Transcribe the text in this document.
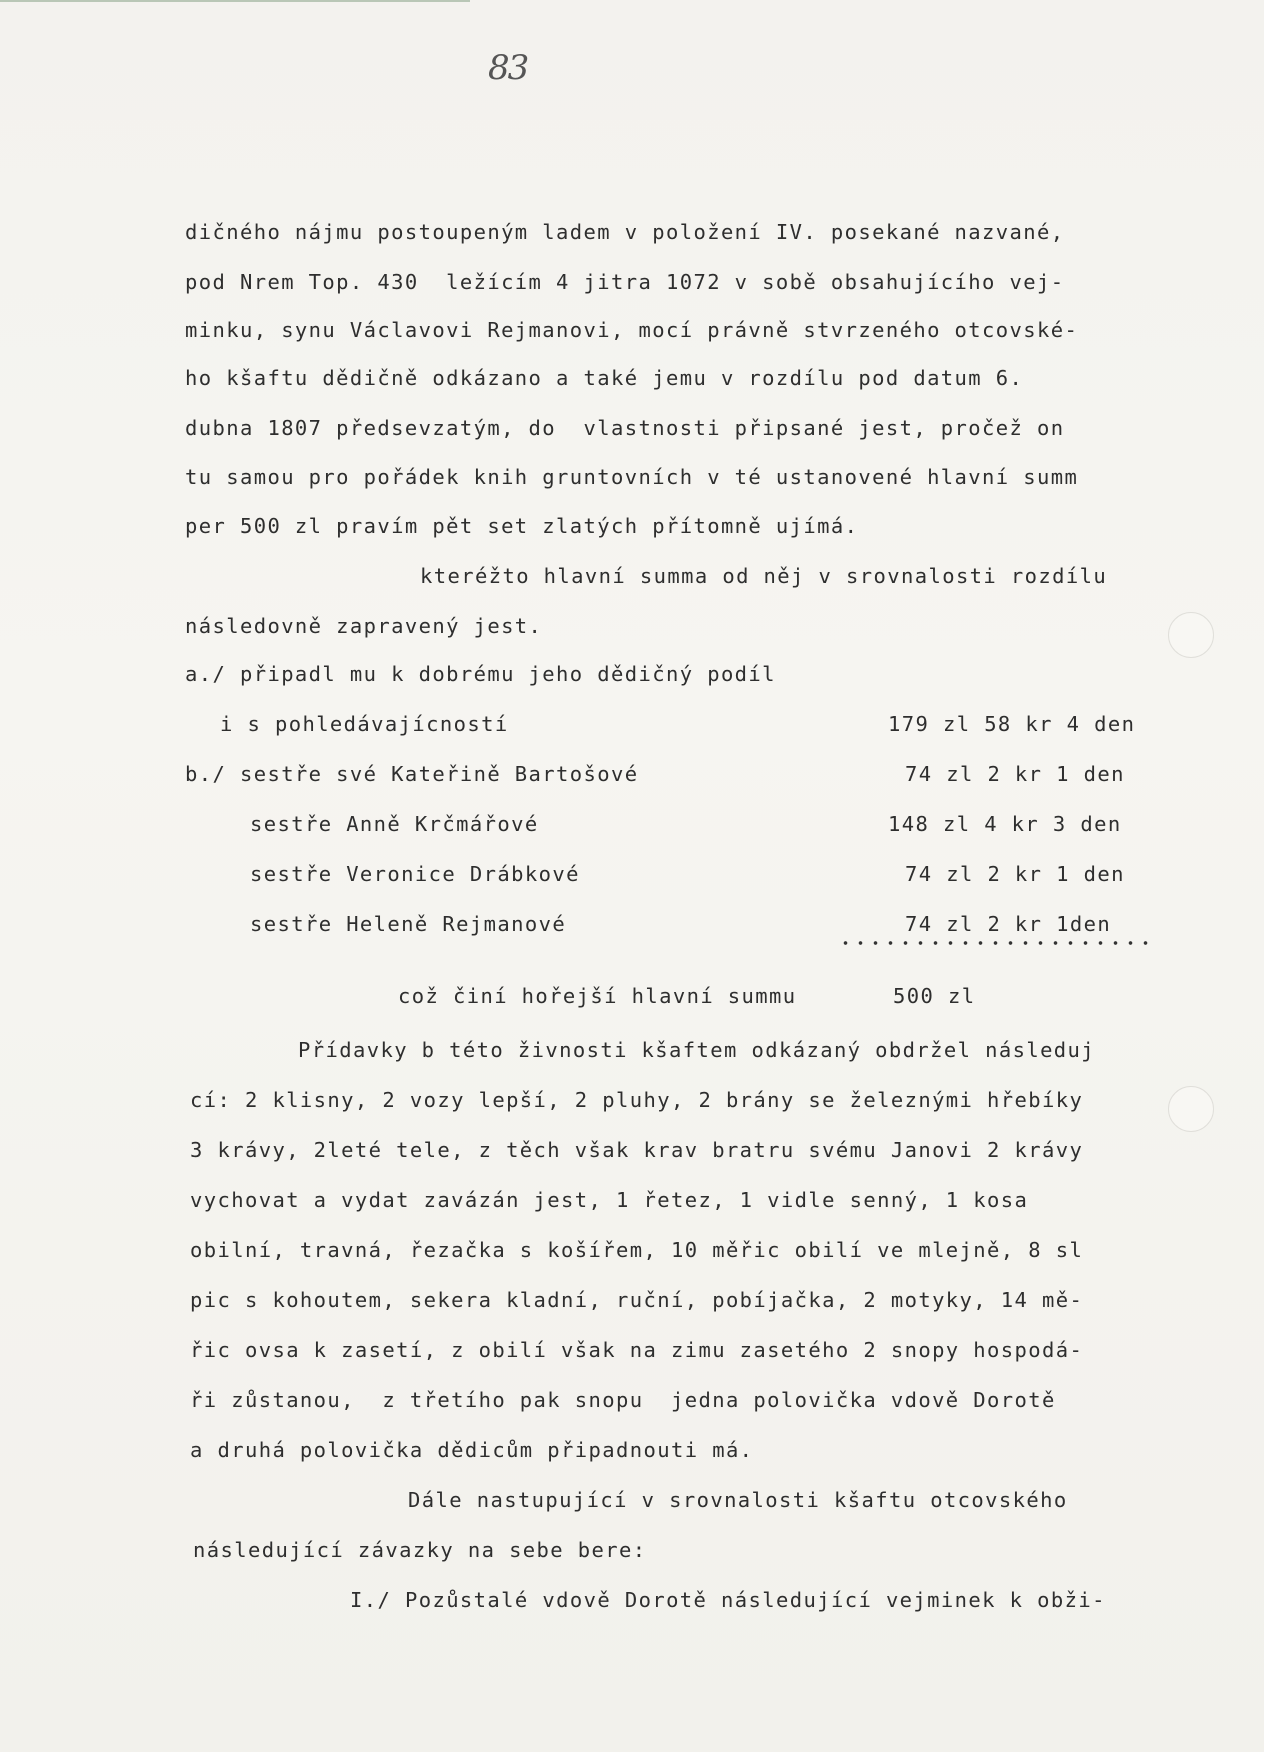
83
dičného nájmu postoupeným ladem v položení IV. posekané nazvané,
pod Nrem Top. 430  ležícím 4 jitra 1072 v sobě obsahujícího vej-
minku, synu Václavovi Rejmanovi, mocí právně stvrzeného otcovské-
ho kšaftu dědičně odkázano a také jemu v rozdílu pod datum 6.
dubna 1807 předsevzatým, do  vlastnosti připsané jest, pročež on
tu samou pro pořádek knih gruntovních v té ustanovené hlavní summ
per 500 zl pravím pět set zlatých přítomně ujímá.
kteréžto hlavní summa od něj v srovnalosti rozdílu
následovně zapravený jest.
a./ připadl mu k dobrému jeho dědičný podíl
i s pohledávajícností	179 zl 58 kr 4 den
b./ sestře své Kateřině Bartošové	74 zl 2 kr 1 den
sestře Anně Krčmářové	148 zl 4 kr 3 den
sestře Veronice Drábkové	74 zl 2 kr 1 den
sestře Heleně Rejmanové	74 zl 2 kr 1den
což činí hořejší hlavní summu	500 zl
Přídavky b této živnosti kšaftem odkázaný obdržel následuj
cí: 2 klisny, 2 vozy lepší, 2 pluhy, 2 brány se železnými hřebíky
3 krávy, 2leté tele, z těch však krav bratru svému Janovi 2 krávy
vychovat a vydat zavázán jest, 1 řetez, 1 vidle senný, 1 kosa
obilní, travná, řezačka s košířem, 10 měřic obilí ve mlejně, 8 sl
pic s kohoutem, sekera kladní, ruční, pobíjačka, 2 motyky, 14 mě-
řic ovsa k zasetí, z obilí však na zimu zasetého 2 snopy hospodá-
ři zůstanou,  z třetího pak snopu  jedna polovička vdově Dorotě
a druhá polovička dědicům připadnouti má.
Dále nastupující v srovnalosti kšaftu otcovského
následující závazky na sebe bere:
I./ Pozůstalé vdově Dorotě následující vejminek k obži-
